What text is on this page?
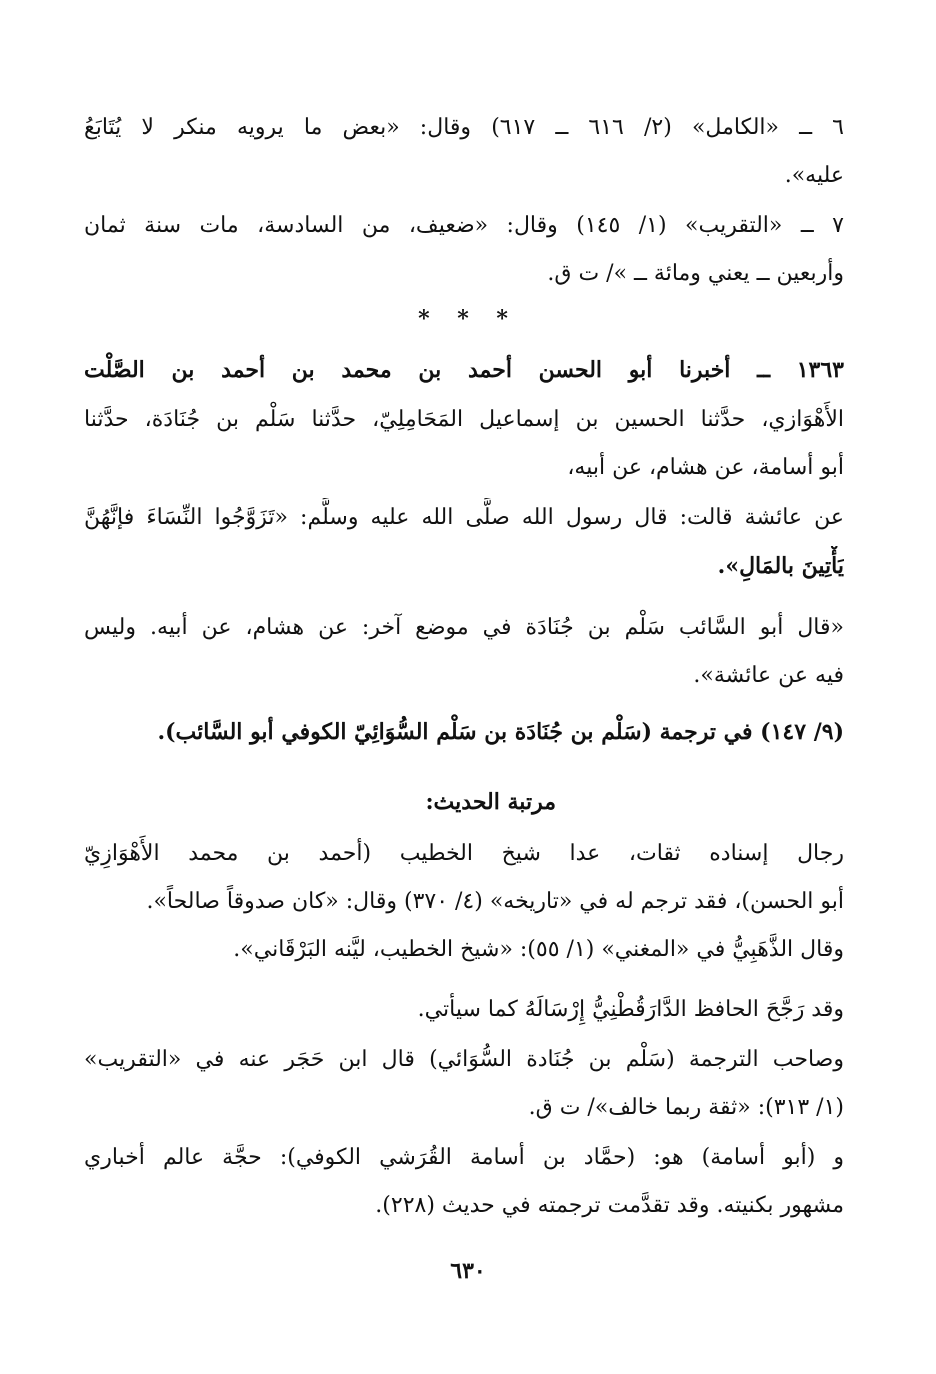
٦ ــ «الكامل» (٢/ ٦١٦ ــ ٦١٧) وقال: «بعض ما يرويه منكر لا يُتَابَعُ
عليه».
٧ ــ «التقريب» (١/ ١٤٥) وقال: «ضعيف، من السادسة، مات سنة ثمان
وأربعين ــ يعني ومائة ــ »/ ت ق.
* * *
١٣٦٣ ــ أخبرنا أبو الحسن أحمد بن محمد بن أحمد بن الصَّلْت
الأَهْوَازي، حدَّثنا الحسين بن إسماعيل المَحَامِلِيّ، حدَّثنا سَلْم بن جُنَادَة، حدَّثنا
أبو أسامة، عن هشام، عن أبيه،
عن عائشة قالت: قال رسول الله صلَّى الله عليه وسلَّم: «تَزَوَّجُوا النِّسَاءَ فإنَّهُنَّ
يَأْتِينَ بالمَالِ».
«قال أبو السَّائب سَلْم بن جُنَادَة في موضع آخر: عن هشام، عن أبيه. وليس
فيه عن عائشة».
(٩/ ١٤٧) في ترجمة (سَلْم بن جُنَادَة بن سَلْم السُّوَائِيّ الكوفي أبو السَّائب).
مرتبة الحديث:
رجال إسناده ثقات، عدا شيخ الخطيب (أحمد بن محمد الأَهْوَازِيّ
أبو الحسن)، فقد ترجم له في «تاريخه» (٤/ ٣٧٠) وقال: «كان صدوقاً صالحاً».
وقال الذَّهَبِيُّ في «المغني» (١/ ٥٥): «شيخ الخطيب، ليَّنه البَرْقَاني».
وقد رَجَّحَ الحافظ الدَّارَقُطْنِيُّ إِرْسَالَهُ كما سيأتي.
وصاحب الترجمة (سَلْم بن جُنَادة السُّوَائي) قال ابن حَجَر عنه في «التقريب»
(١/ ٣١٣): «ثقة ربما خالف»/ ت ق.
و (أبو أسامة) هو: (حمَّاد بن أسامة القُرَشي الكوفي): حجَّة عالم أخباري
مشهور بكنيته. وقد تقدَّمت ترجمته في حديث (٢٢٨).
٦٣٠
